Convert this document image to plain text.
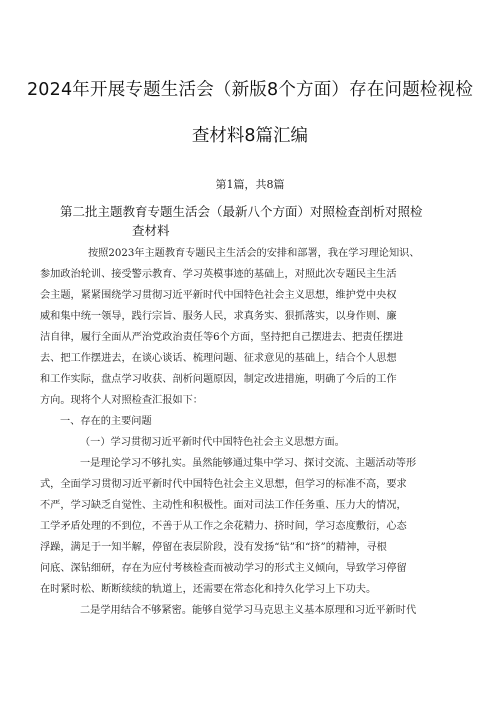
2024年开展专题生活会（新版8个方面）存在问题检视检
查材料8篇汇编
第1篇，共8篇
第二批主题教育专题生活会（最新八个方面）对照检查剖析对照检
查材料
按照2023年主题教育专题民主生活会的安排和部署，我在学习理论知识、
参加政治轮训、接受警示教育、学习英模事迹的基础上，对照此次专题民主生活
会主题，紧紧围绕学习贯彻习近平新时代中国特色社会主义思想，维护党中央权
威和集中统一领导，践行宗旨、服务人民，求真务实、狠抓落实，以身作则、廉
洁自律，履行全面从严治党政治责任等6个方面，坚持把自己摆进去、把责任摆进
去、把工作摆进去，在谈心谈话、梳理问题、征求意见的基础上，结合个人思想
和工作实际，盘点学习收获、剖析问题原因，制定改进措施，明确了今后的工作
方向。现将个人对照检查汇报如下：
一、存在的主要问题
（一）学习贯彻习近平新时代中国特色社会主义思想方面。
一是理论学习不够扎实。虽然能够通过集中学习、探讨交流、主题活动等形
式，全面学习贯彻习近平新时代中国特色社会主义思想，但学习的标准不高，要求
不严，学习缺乏自觉性、主动性和积极性。面对司法工作任务重、压力大的情况，
工学矛盾处理的不到位，不善于从工作之余花精力、挤时间，学习态度敷衍，心态
浮躁，满足于一知半解，停留在表层阶段，没有发扬“钻”和“挤”的精神，寻根
问底、深钻细研，存在为应付考核检查而被动学习的形式主义倾向，导致学习停留
在时紧时松、断断续续的轨道上，还需要在常态化和持久化学习上下功夫。
二是学用结合不够紧密。能够自觉学习马克思主义基本原理和习近平新时代
